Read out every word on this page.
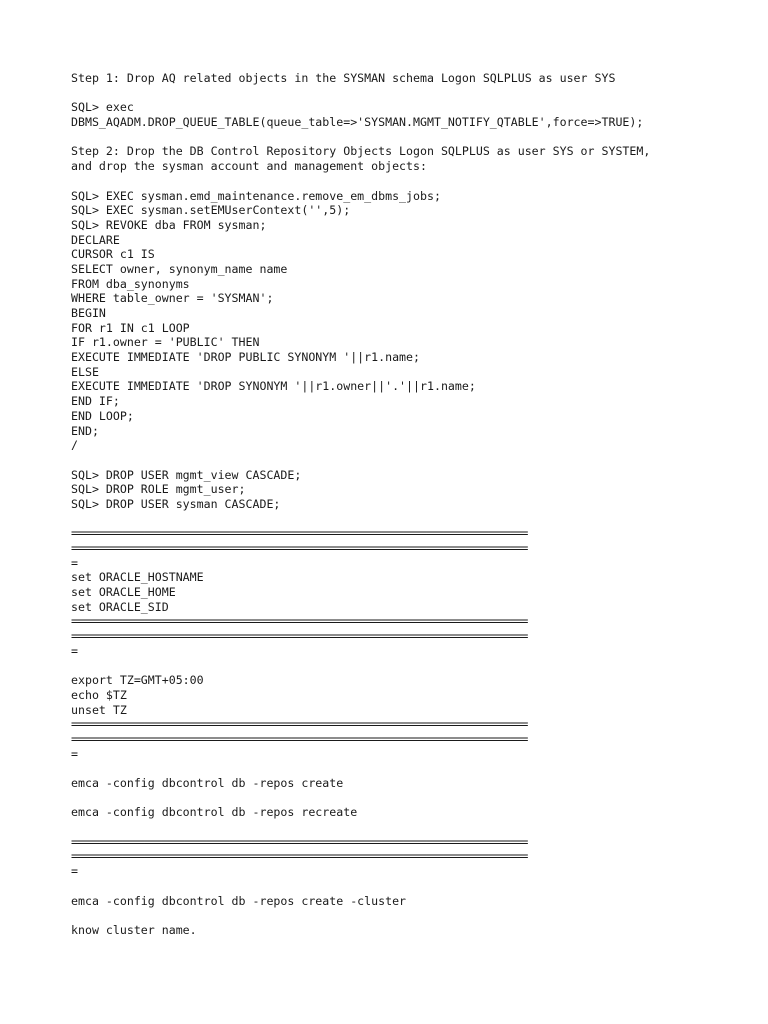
Step 1: Drop AQ related objects in the SYSMAN schema Logon SQLPLUS as user SYS
SQL> exec
DBMS_AQADM.DROP_QUEUE_TABLE(queue_table=>'SYSMAN.MGMT_NOTIFY_QTABLE',force=>TRUE);
Step 2: Drop the DB Control Repository Objects Logon SQLPLUS as user SYS or SYSTEM,
and drop the sysman account and management objects:
SQL> EXEC sysman.emd_maintenance.remove_em_dbms_jobs;
SQL> EXEC sysman.setEMUserContext('',5);
SQL> REVOKE dba FROM sysman;
DECLARE
CURSOR c1 IS
SELECT owner, synonym_name name
FROM dba_synonyms
WHERE table_owner = 'SYSMAN';
BEGIN
FOR r1 IN c1 LOOP
IF r1.owner = 'PUBLIC' THEN
EXECUTE IMMEDIATE 'DROP PUBLIC SYNONYM '||r1.name;
ELSE
EXECUTE IMMEDIATE 'DROP SYNONYM '||r1.owner||'.'||r1.name;
END IF;
END LOOP;
END;
/
SQL> DROP USER mgmt_view CASCADE;
SQL> DROP ROLE mgmt_user;
SQL> DROP USER sysman CASCADE;
=================================================================================
=================================================================================
=
set ORACLE_HOSTNAME
set ORACLE_HOME
set ORACLE_SID
=================================================================================
=================================================================================
=
export TZ=GMT+05:00
echo $TZ
unset TZ
=================================================================================
=================================================================================
=
emca -config dbcontrol db -repos create
emca -config dbcontrol db -repos recreate
=================================================================================
=================================================================================
=
emca -config dbcontrol db -repos create -cluster
know cluster name.
